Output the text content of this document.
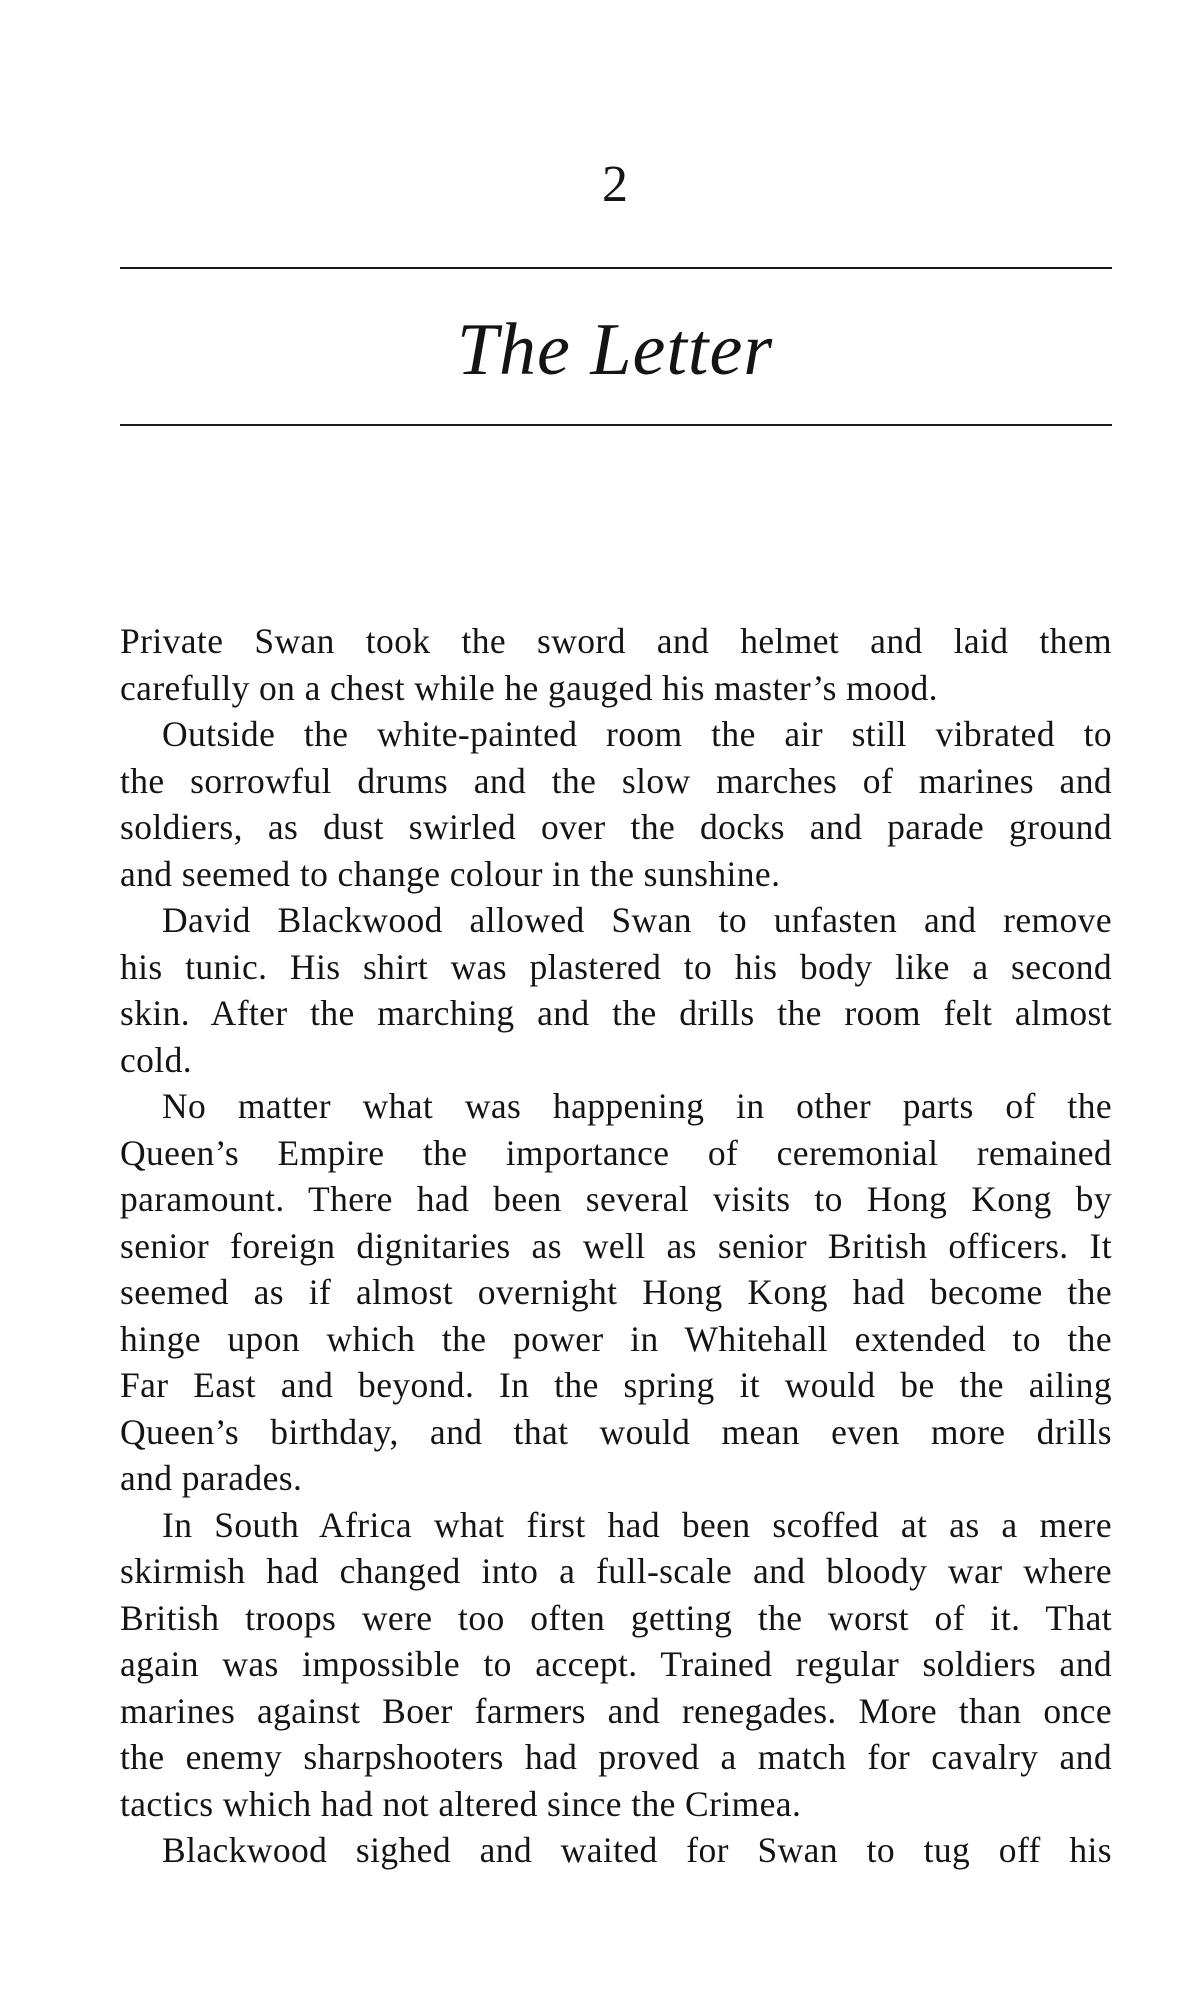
2
The Letter
Private Swan took the sword and helmet and laid them
carefully on a chest while he gauged his master’s mood.
Outside the white-painted room the air still vibrated to
the sorrowful drums and the slow marches of marines and
soldiers, as dust swirled over the docks and parade ground
and seemed to change colour in the sunshine.
David Blackwood allowed Swan to unfasten and remove
his tunic. His shirt was plastered to his body like a second
skin. After the marching and the drills the room felt almost
cold.
No matter what was happening in other parts of the
Queen’s Empire the importance of ceremonial remained
paramount. There had been several visits to Hong Kong by
senior foreign dignitaries as well as senior British officers. It
seemed as if almost overnight Hong Kong had become the
hinge upon which the power in Whitehall extended to the
Far East and beyond. In the spring it would be the ailing
Queen’s birthday, and that would mean even more drills
and parades.
In South Africa what first had been scoffed at as a mere
skirmish had changed into a full-scale and bloody war where
British troops were too often getting the worst of it. That
again was impossible to accept. Trained regular soldiers and
marines against Boer farmers and renegades. More than once
the enemy sharpshooters had proved a match for cavalry and
tactics which had not altered since the Crimea.
Blackwood sighed and waited for Swan to tug off his
